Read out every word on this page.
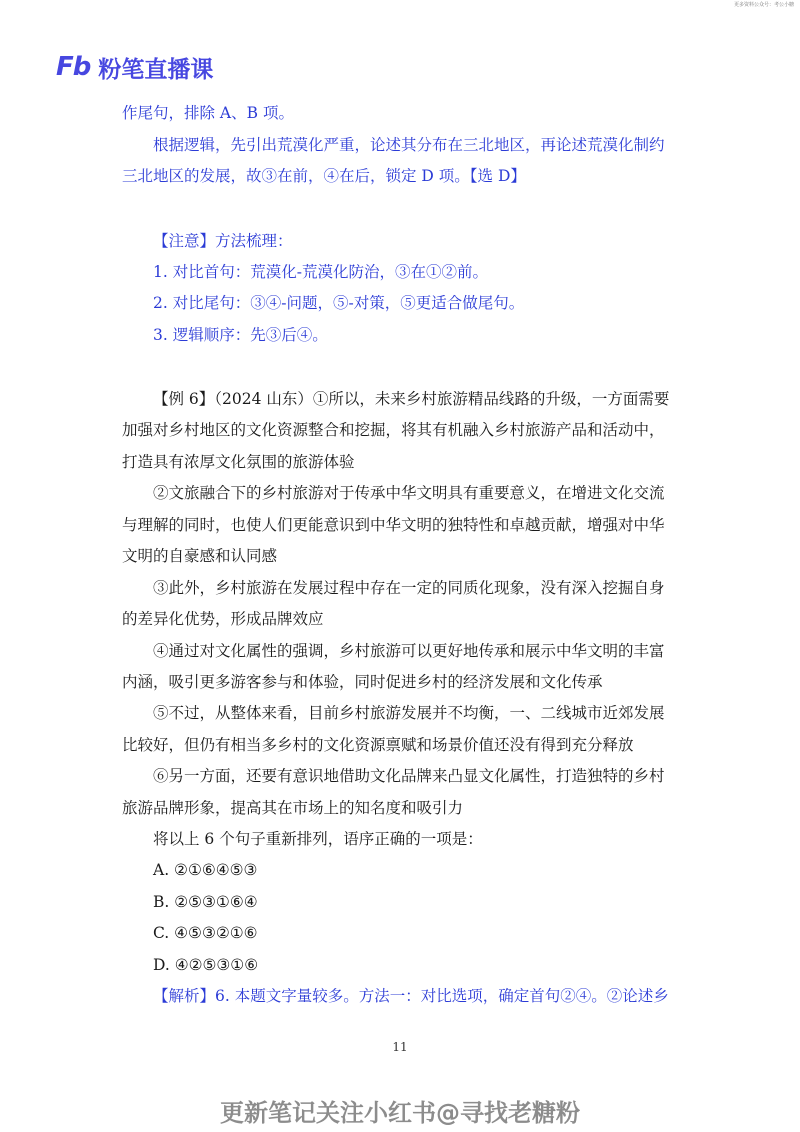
更多资料公众号：考公小糖
Fb 粉笔直播课
作尾句，排除 A、B 项。
根据逻辑，先引出荒漠化严重，论述其分布在三北地区，再论述荒漠化制约
三北地区的发展，故③在前，④在后，锁定 D 项。【选 D】
【注意】方法梳理：
1. 对比首句：荒漠化-荒漠化防治，③在①②前。
2. 对比尾句：③④-问题，⑤-对策，⑤更适合做尾句。
3. 逻辑顺序：先③后④。
【例 6】（2024 山东）①所以，未来乡村旅游精品线路的升级，一方面需要
加强对乡村地区的文化资源整合和挖掘，将其有机融入乡村旅游产品和活动中，
打造具有浓厚文化氛围的旅游体验
②文旅融合下的乡村旅游对于传承中华文明具有重要意义，在增进文化交流
与理解的同时，也使人们更能意识到中华文明的独特性和卓越贡献，增强对中华
文明的自豪感和认同感
③此外，乡村旅游在发展过程中存在一定的同质化现象，没有深入挖掘自身
的差异化优势，形成品牌效应
④通过对文化属性的强调，乡村旅游可以更好地传承和展示中华文明的丰富
内涵，吸引更多游客参与和体验，同时促进乡村的经济发展和文化传承
⑤不过，从整体来看，目前乡村旅游发展并不均衡，一、二线城市近郊发展
比较好，但仍有相当多乡村的文化资源禀赋和场景价值还没有得到充分释放
⑥另一方面，还要有意识地借助文化品牌来凸显文化属性，打造独特的乡村
旅游品牌形象，提高其在市场上的知名度和吸引力
将以上 6 个句子重新排列，语序正确的一项是：
A. ②①⑥④⑤③
B. ②⑤③①⑥④
C. ④⑤③②①⑥
D. ④②⑤③①⑥
【解析】6. 本题文字量较多。方法一：对比选项，确定首句②④。②论述乡
11
更新笔记关注小红书@寻找老糖粉
